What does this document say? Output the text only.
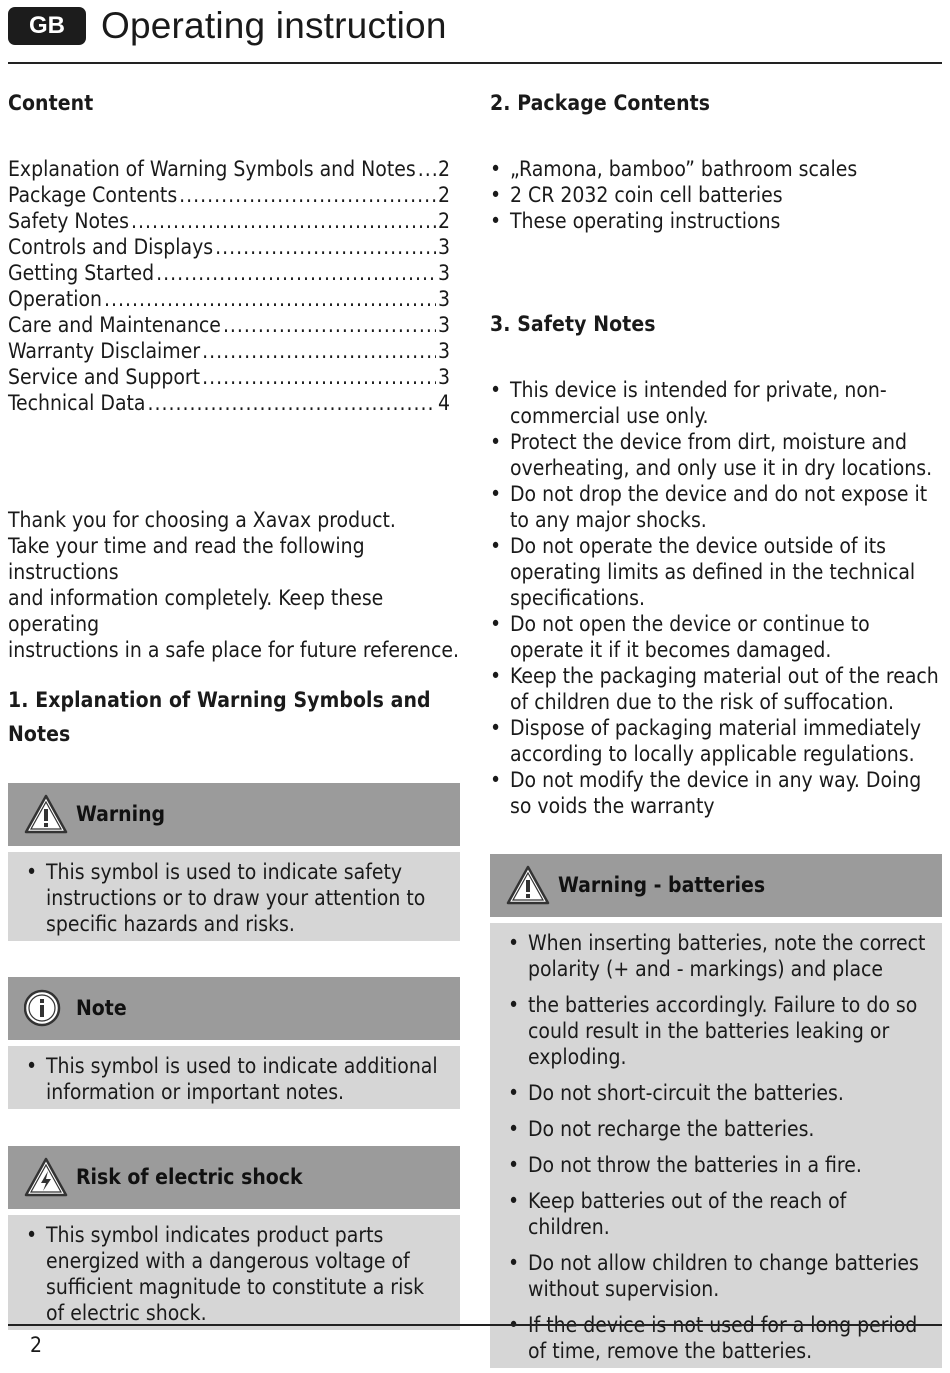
GB Operating instruction
Content
Explanation of Warning Symbols and Notes ..... 2
Package Contents .....	2
Safety Notes .....	2
Controls and Displays .....	3
Getting Started .....	3
Operation .....	3
Care and Maintenance .....	3
Warranty Disclaimer .....	3
Service and Support .....	3
Technical Data .....	4
Thank you for choosing a Xavax product.
Take your time and read the following instructions
and information completely. Keep these operating
instructions in a safe place for future reference.
1. Explanation of Warning Symbols and Notes
Warning
• This symbol is used to indicate safety instructions or to draw your attention to specific hazards and risks.
Note
• This symbol is used to indicate additional information or important notes.
Risk of electric shock
• This symbol indicates product parts energized with a dangerous voltage of sufficient magnitude to constitute a risk of electric shock.
2. Package Contents
• „Ramona, bamboo” bathroom scales
• 2 CR 2032 coin cell batteries
• These operating instructions
3. Safety Notes
• This device is intended for private, non-commercial use only.
• Protect the device from dirt, moisture and overheating, and only use it in dry locations.
• Do not drop the device and do not expose it to any major shocks.
• Do not operate the device outside of its operating limits as defined in the technical specifications.
• Do not open the device or continue to operate it if it becomes damaged.
• Keep the packaging material out of the reach of children due to the risk of suffocation.
• Dispose of packaging material immediately according to locally applicable regulations.
• Do not modify the device in any way. Doing so voids the warranty
Warning - batteries
• When inserting batteries, note the correct polarity (+ and - markings) and place
• the batteries accordingly. Failure to do so could result in the batteries leaking or exploding.
• Do not short-circuit the batteries.
• Do not recharge the batteries.
• Do not throw the batteries in a fire.
• Keep batteries out of the reach of children.
• Do not allow children to change batteries without supervision.
• If the device is not used for a long period of time, remove the batteries.
2
